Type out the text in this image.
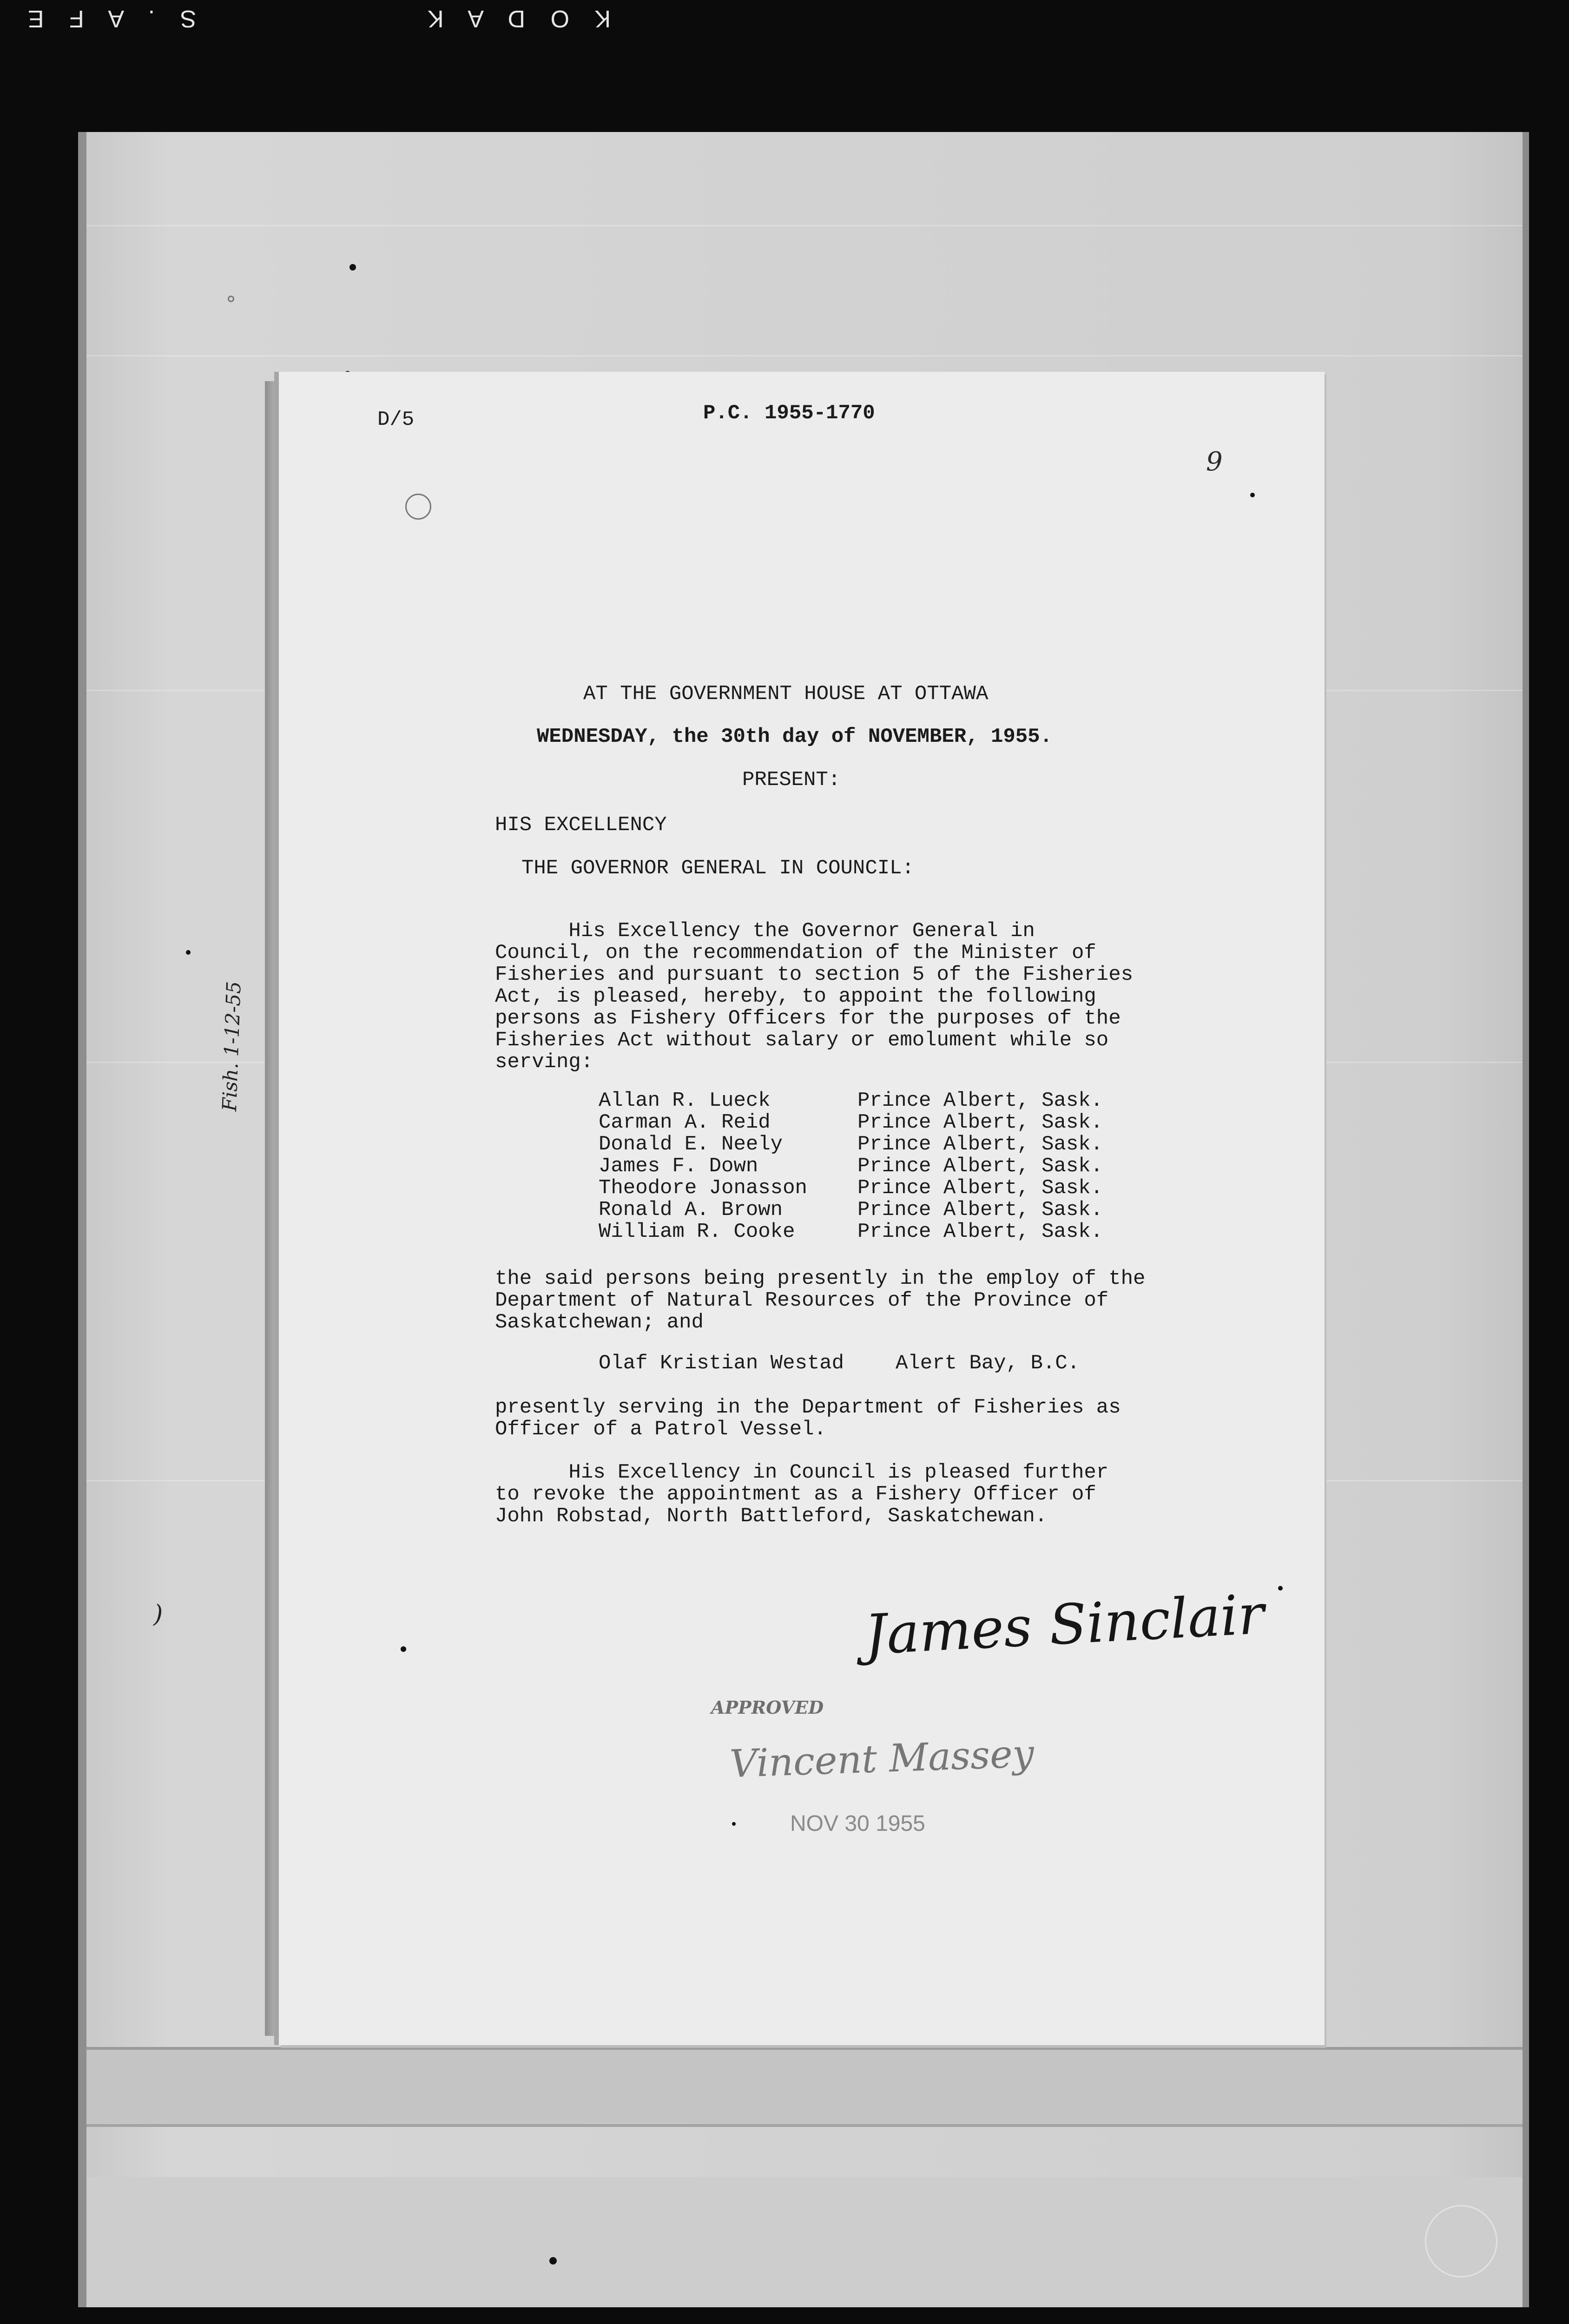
S . A F E	K O D A K
D/5	P.C. 1955-1770
9
AT THE GOVERNMENT HOUSE AT OTTAWA
WEDNESDAY, the 30th day of NOVEMBER, 1955.
PRESENT:
HIS EXCELLENCY
THE GOVERNOR GENERAL IN COUNCIL:
His Excellency the Governor General in
Council, on the recommendation of the Minister of
Fisheries and pursuant to section 5 of the Fisheries
Act, is pleased, hereby, to appoint the following
persons as Fishery Officers for the purposes of the
Fisheries Act without salary or emolument while so
serving:
Allan R. Lueck	Prince Albert, Sask.
Carman A. Reid	Prince Albert, Sask.
Donald E. Neely	Prince Albert, Sask.
James F. Down	Prince Albert, Sask.
Theodore Jonasson Prince Albert, Sask.
Ronald A. Brown	Prince Albert, Sask.
William R. Cooke	Prince Albert, Sask.
the said persons being presently in the employ of the
Department of Natural Resources of the Province of
Saskatchewan; and
Olaf Kristian Westad	Alert Bay, B.C.
presently serving in the Department of Fisheries as
Officer of a Patrol Vessel.
His Excellency in Council is pleased further
to revoke the appointment as a Fishery Officer of
John Robstad, North Battleford, Saskatchewan.
James Sinclair
APPROVED
Vincent Massey
NOV 30 1955
Fish. 1-12-55
)
